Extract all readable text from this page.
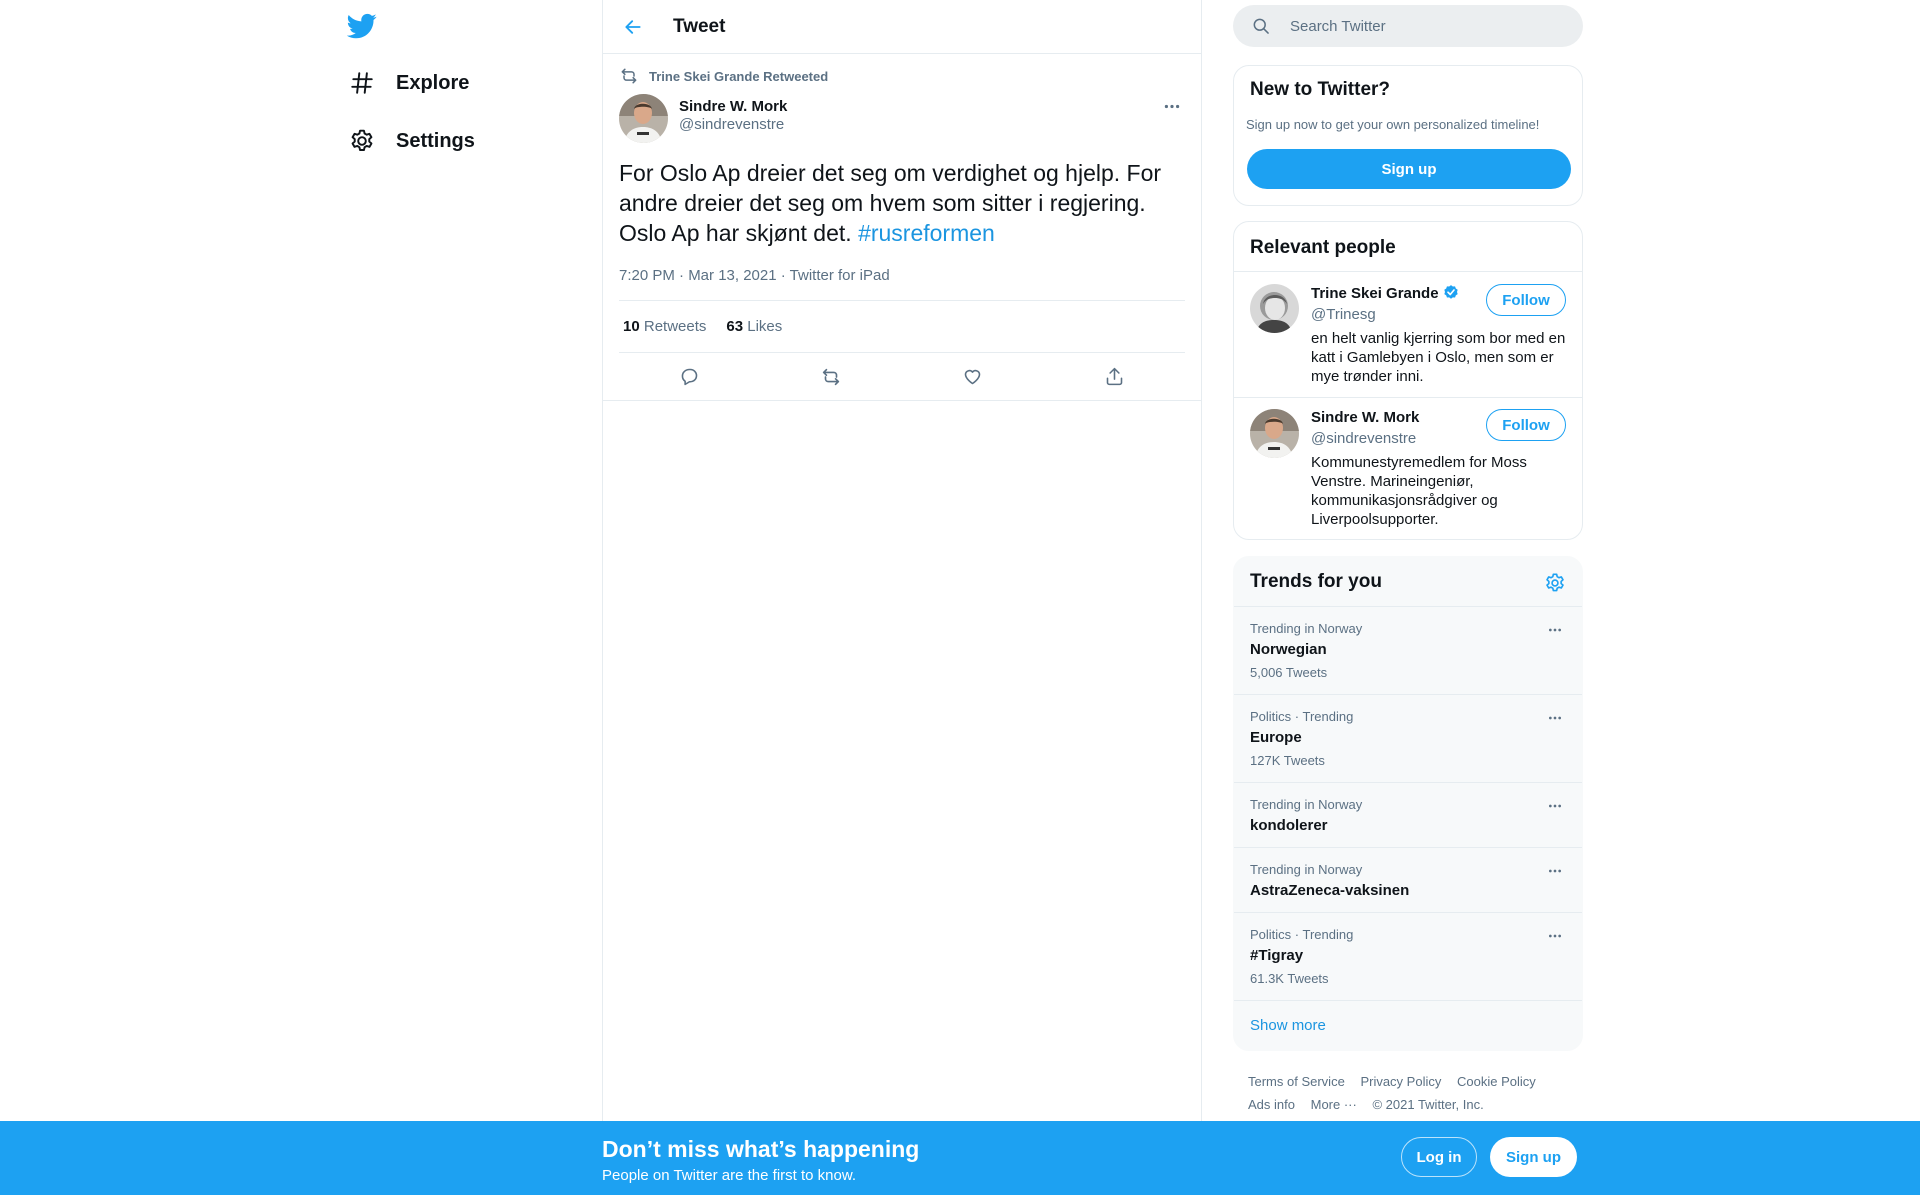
Explore
Settings
Tweet
Trine Skei Grande Retweeted
Sindre W. Mork
@sindrevenstre
For Oslo Ap dreier det seg om verdighet og hjelp. For andre dreier det seg om hvem som sitter i regjering. Oslo Ap har skjønt det. #rusreformen
7:20 PM · Mar 13, 2021 · Twitter for iPad
10 Retweets 63 Likes
Search Twitter
New to Twitter?
Sign up now to get your own personalized timeline!
Sign up
Relevant people
Trine Skei Grande
@Trinesg
en helt vanlig kjerring som bor med en katt i Gamlebyen i Oslo, men som er mye trønder inni.
Follow
Sindre W. Mork
@sindrevenstre
Kommunestyremedlem for Moss Venstre. Marineingeniør, kommunikasjonsrådgiver og Liverpoolsupporter.
Follow
Trends for you
Trending in Norway
Norwegian
5,006 Tweets
Politics · Trending
Europe
127K Tweets
Trending in Norway
kondolerer
Trending in Norway
AstraZeneca-vaksinen
Politics · Trending
#Tigray
61.3K Tweets
Show more
Terms of Service Privacy Policy Cookie Policy
Ads info More ··· © 2021 Twitter, Inc.
Don’t miss what’s happening
People on Twitter are the first to know.
Log in	Sign up
